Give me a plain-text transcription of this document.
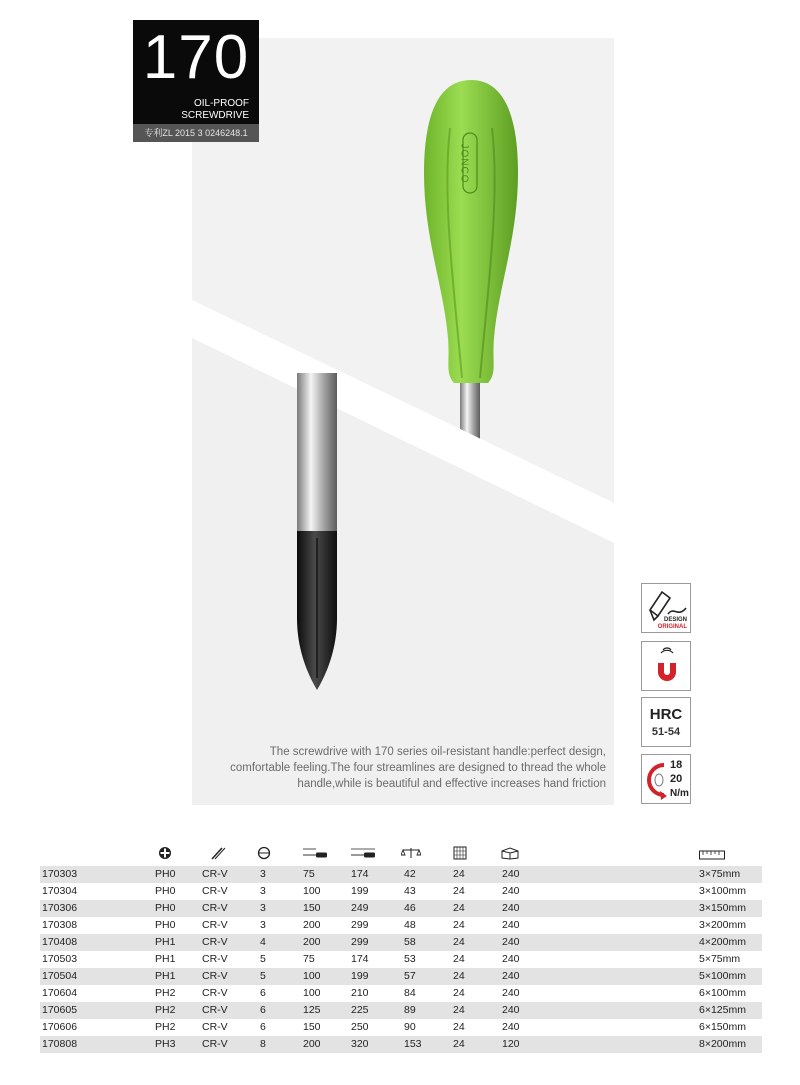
170
OIL-PROOF
SCREWDRIVE
专利ZL 2015 3 0246248.1
The screwdrive with 170 series oil-resistant handle:perfect design,
comfortable feeling.The four streamlines are designed to thread the whole
handle,while is beautiful and effective increases hand friction
DESIGN
ORIGINAL
HRC
51-54
18
20
N/m
170303	PH0	CR-V	3	75	174	42	24	240	3×75mm
170304	PH0	CR-V	3	100	199	43	24	240	3×100mm
170306	PH0	CR-V	3	150	249	46	24	240	3×150mm
170308	PH0	CR-V	3	200	299	48	24	240	3×200mm
170408	PH1	CR-V	4	200	299	58	24	240	4×200mm
170503	PH1	CR-V	5	75	174	53	24	240	5×75mm
170504	PH1	CR-V	5	100	199	57	24	240	5×100mm
170604	PH2	CR-V	6	100	210	84	24	240	6×100mm
170605	PH2	CR-V	6	125	225	89	24	240	6×125mm
170606	PH2	CR-V	6	150	250	90	24	240	6×150mm
170808	PH3	CR-V	8	200	320	153	24	120	8×200mm
JONCO
